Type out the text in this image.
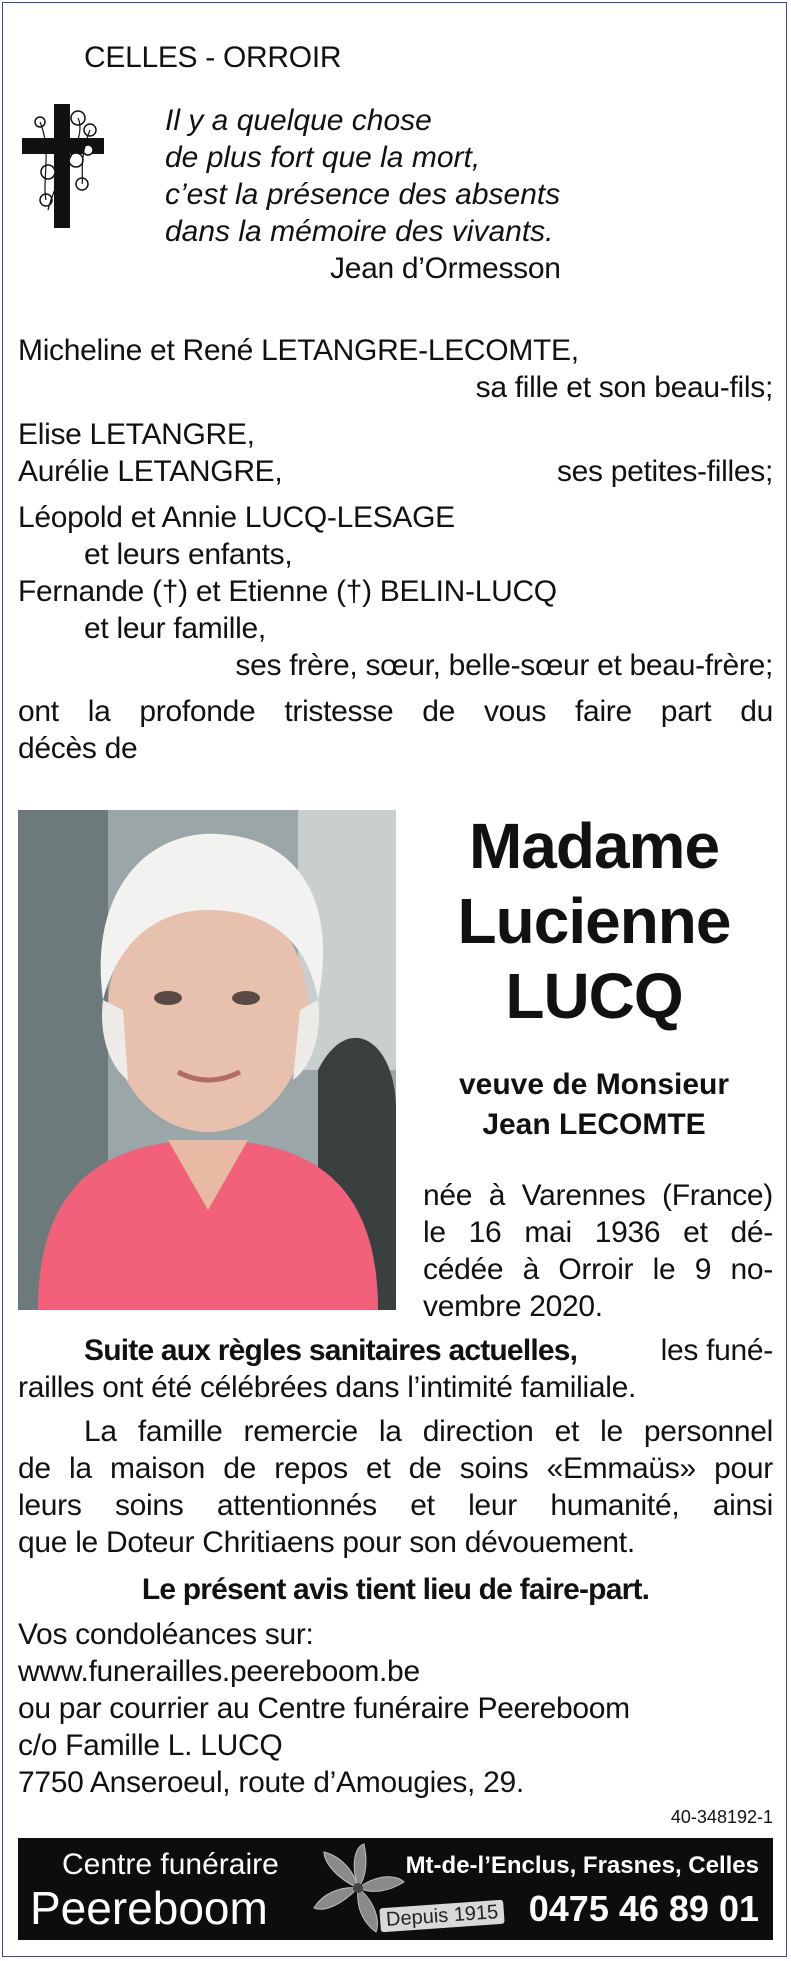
CELLES - ORROIR
Il y a quelque chose
de plus fort que la mort,
c’est la présence des absents
dans la mémoire des vivants.
Jean d’Ormesson
Micheline et René LETANGRE-LECOMTE,
sa fille et son beau-fils;
Elise LETANGRE,
Aurélie LETANGRE,	ses petites-filles;
Léopold et Annie LUCQ-LESAGE
et leurs enfants,
Fernande (†) et Etienne (†) BELIN-LUCQ
et leur famille,
ses frère, sœur, belle-sœur et beau-frère;
ont la profonde tristesse de vous faire part du
décès de
Madame
Lucienne
LUCQ
veuve de Monsieur
Jean LECOMTE
née à Varennes (France)
le 16 mai 1936 et dé-
cédée à Orroir le 9 no-
vembre 2020.
Suite aux règles sanitaires actuelles,	les funé-
railles ont été célébrées dans l’intimité familiale.
La famille remercie la direction et le personnel
de la maison de repos et de soins «Emmaüs» pour
leurs soins attentionnés et leur humanité, ainsi
que le Doteur Chritiaens pour son dévouement.
Le présent avis tient lieu de faire-part.
Vos condoléances sur:
www.funerailles.peereboom.be
ou par courrier au Centre funéraire Peereboom
c/o Famille L. LUCQ
7750 Anseroeul, route d’Amougies, 29.
40-348192-1
Centre funéraire
Peereboom	Depuis 1915
Mt-de-l’Enclus, Frasnes, Celles
0475 46 89 01
